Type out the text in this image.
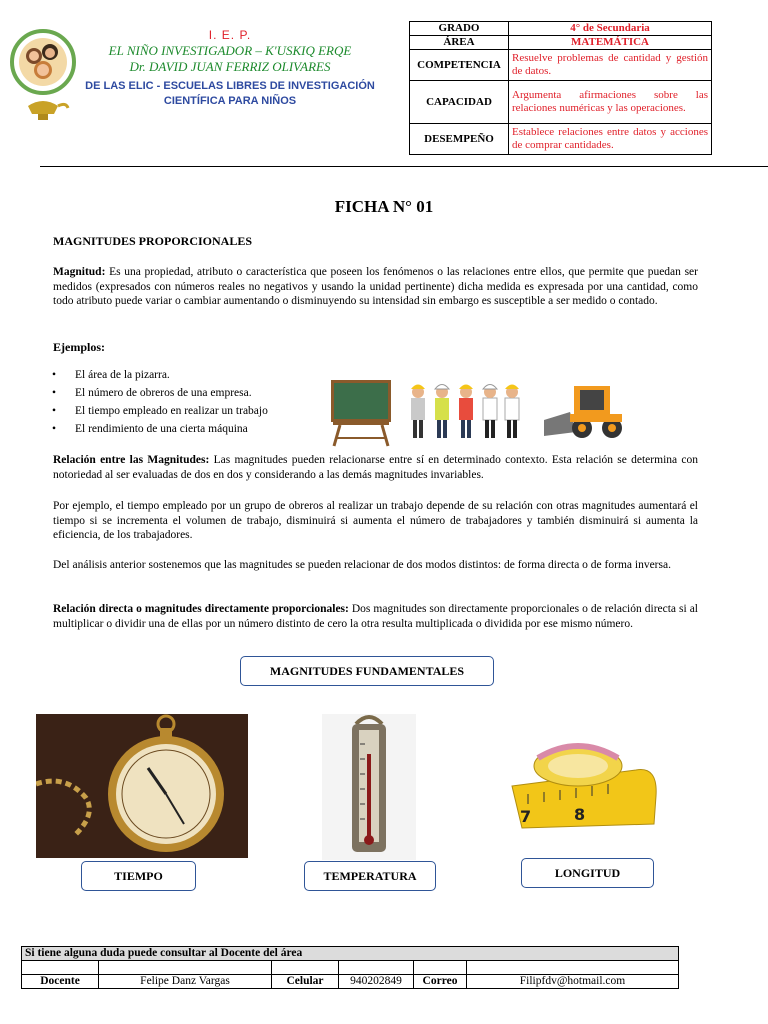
I. E. P.
EL NIÑO INVESTIGADOR – K'USKIQ ERQE
Dr. DAVID JUAN FERRIZ OLIVARES
DE LAS ELIC - ESCUELAS LIBRES DE INVESTIGACIÓN
CIENTÍFICA PARA NIÑOS
GRADO	4° de Secundaria
ÁREA	MATEMÁTICA
COMPETENCIA	Resuelve problemas de cantidad y gestión de datos.
CAPACIDAD	Argumenta afirmaciones sobre las relaciones numéricas y las operaciones.
DESEMPEÑO	Establece relaciones entre datos y acciones de comprar cantidades.
FICHA N° 01
MAGNITUDES PROPORCIONALES
Magnitud: Es una propiedad, atributo o característica que poseen los fenómenos o las relaciones entre ellos, que permite que puedan ser medidos (expresados con números reales no negativos y usando la unidad pertinente) dicha medida es expresada por una cantidad, como todo atributo puede variar o cambiar aumentando o disminuyendo su intensidad sin embargo es susceptible a ser medido o contado.
Ejemplos:
• El área de la pizarra.
• El número de obreros de una empresa.
• El tiempo empleado en realizar un trabajo
• El rendimiento de una cierta máquina
Relación entre las Magnitudes: Las magnitudes pueden relacionarse entre sí en determinado contexto. Esta relación se determina con notoriedad al ser evaluadas de dos en dos y considerando a las demás magnitudes invariables.
Por ejemplo, el tiempo empleado por un grupo de obreros al realizar un trabajo depende de su relación con otras magnitudes aumentará el tiempo si se incrementa el volumen de trabajo, disminuirá si aumenta el número de trabajadores y también disminuirá si aumenta la eficiencia, de los trabajadores.
Del análisis anterior sostenemos que las magnitudes se pueden relacionar de dos modos distintos: de forma directa o de forma inversa.
Relación directa o magnitudes directamente proporcionales: Dos magnitudes son directamente proporcionales o de relación directa si al multiplicar o dividir una de ellas por un número distinto de cero la otra resulta multiplicada o dividida por ese mismo número.
MAGNITUDES FUNDAMENTALES
7	8
TIEMPO	TEMPERATURA	LONGITUD
Si tiene alguna duda puede consultar al Docente del área					

Docente	Felipe Danz Vargas	Celular	940202849	Correo	Filipfdv@hotmail.com
